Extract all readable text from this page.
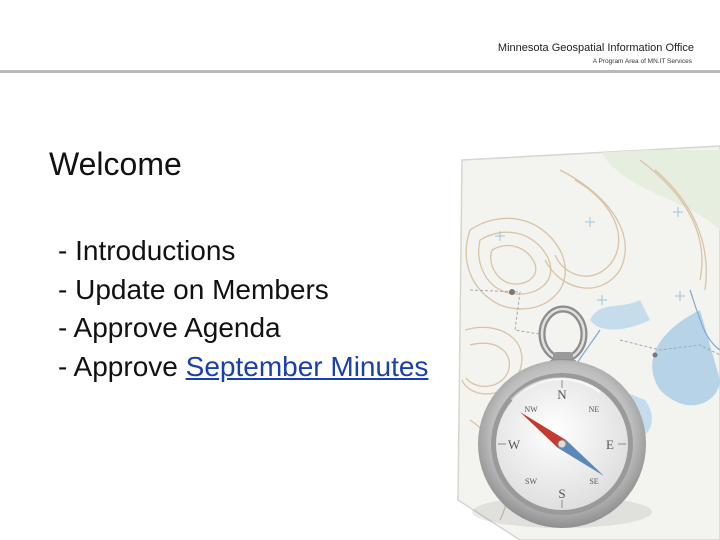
Minnesota Geospatial Information Office
A Program Area of MN.IT Services
N
S
W	E
NW	NE
SW	SE
Welcome
- Introductions
- Update on Members
- Approve Agenda
- Approve September Minutes
